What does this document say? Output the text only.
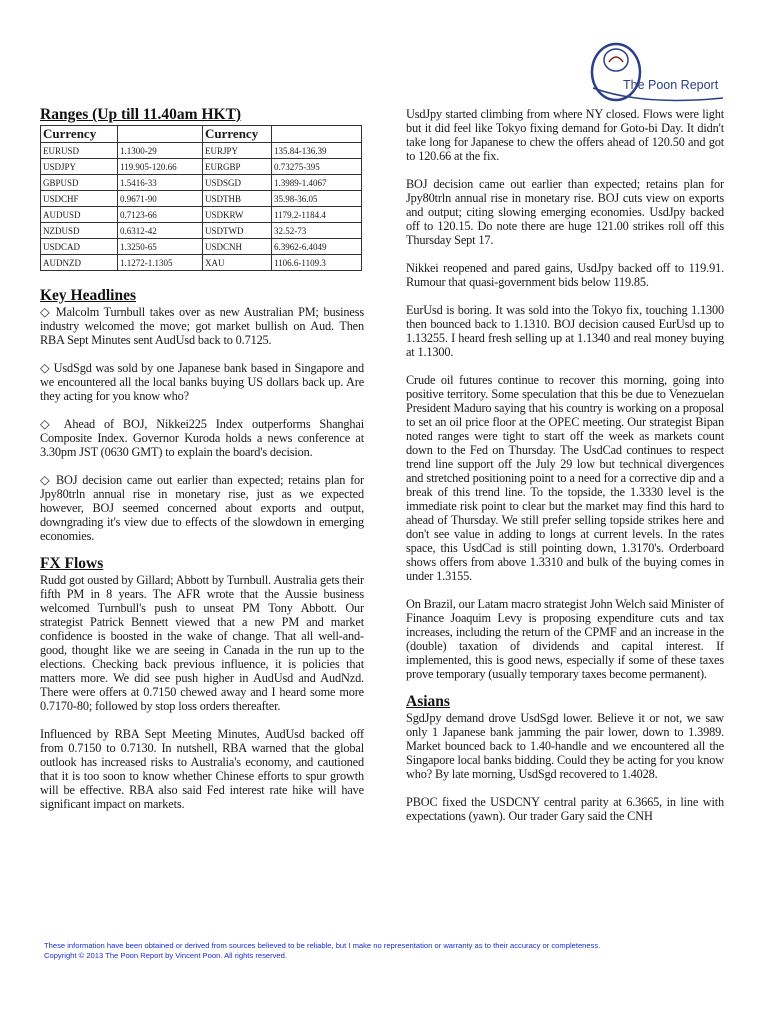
The Poon Report
Ranges (Up till 11.40am HKT)
Currency		Currency	
EURUSD	1.1300-29	EURJPY	135.84-136.39
USDJPY	119.905-120.66	EURGBP	0.73275-395
GBPUSD	1.5416-33	USDSGD	1.3989-1.4067
USDCHF	0.9671-90	USDTHB	35.98-36.05
AUDUSD	0.7123-66	USDKRW	1179.2-1184.4
NZDUSD	0.6312-42	USDTWD	32.52-73
USDCAD	1.3250-65	USDCNH	6.3962-6.4049
AUDNZD	1.1272-1.1305	XAU	1106.6-1109.3
Key Headlines

◇ Malcolm Turnbull takes over as new Australian PM; business industry welcomed the move; got market bullish on Aud. Then RBA Sept Minutes sent AudUsd back to 0.7125.

◇ UsdSgd was sold by one Japanese bank based in Singapore and we encountered all the local banks buying US dollars back up. Are they acting for you know who?

◇ Ahead of BOJ, Nikkei225 Index outperforms Shanghai Composite Index. Governor Kuroda holds a news conference at 3.30pm JST (0630 GMT) to explain the board's decision.

◇ BOJ decision came out earlier than expected; retains plan for Jpy80trln annual rise in monetary rise, just as we expected however, BOJ seemed concerned about exports and output, downgrading it's view due to effects of the slowdown in emerging economies.

FX Flows

Rudd got ousted by Gillard; Abbott by Turnbull. Australia gets their fifth PM in 8 years. The AFR wrote that the Aussie business welcomed Turnbull's push to unseat PM Tony Abbott. Our strategist Patrick Bennett viewed that a new PM and market confidence is boosted in the wake of change. That all well-and-good, thought like we are seeing in Canada in the run up to the elections. Checking back previous influence, it is policies that matters more. We did see push higher in AudUsd and AudNzd. There were offers at 0.7150 chewed away and I heard some more 0.7170-80; followed by stop loss orders thereafter.

Influenced by RBA Sept Meeting Minutes, AudUsd backed off from 0.7150 to 0.7130. In nutshell, RBA warned that the global outlook has increased risks to Australia's economy, and cautioned that it is too soon to know whether Chinese efforts to spur growth will be effective. RBA also said Fed interest rate hike will have significant impact on markets.

UsdJpy started climbing from where NY closed. Flows were light but it did feel like Tokyo fixing demand for Goto-bi Day. It didn't take long for Japanese to chew the offers ahead of 120.50 and got to 120.66 at the fix.

BOJ decision came out earlier than expected; retains plan for Jpy80trln annual rise in monetary rise. BOJ cuts view on exports and output; citing slowing emerging economies. UsdJpy backed off to 120.15. Do note there are huge 121.00 strikes roll off this Thursday Sept 17.

Nikkei reopened and pared gains, UsdJpy backed off to 119.91. Rumour that quasi-government bids below 119.85.

EurUsd is boring. It was sold into the Tokyo fix, touching 1.1300 then bounced back to 1.1310. BOJ decision caused EurUsd up to 1.13255. I heard fresh selling up at 1.1340 and real money buying at 1.1300.

Crude oil futures continue to recover this morning, going into positive territory. Some speculation that this be due to Venezuelan President Maduro saying that his country is working on a proposal to set an oil price floor at the OPEC meeting. Our strategist Bipan noted ranges were tight to start off the week as markets count down to the Fed on Thursday. The UsdCad continues to respect trend line support off the July 29 low but technical divergences and stretched positioning point to a need for a corrective dip and a break of this trend line. To the topside, the 1.3330 level is the immediate risk point to clear but the market may find this hard to ahead of Thursday. We still prefer selling topside strikes here and don't see value in adding to longs at current levels. In the rates space, this UsdCad is still pointing down, 1.3170's. Orderboard shows offers from above 1.3310 and bulk of the buying comes in under 1.3155.

On Brazil, our Latam macro strategist John Welch said Minister of Finance Joaquim Levy is proposing expenditure cuts and tax increases, including the return of the CPMF and an increase in the (double) taxation of dividends and capital interest. If implemented, this is good news, especially if some of these taxes prove temporary (usually temporary taxes become permanent).

Asians

SgdJpy demand drove UsdSgd lower. Believe it or not, we saw only 1 Japanese bank jamming the pair lower, down to 1.3989. Market bounced back to 1.40-handle and we encountered all the Singapore local banks bidding. Could they be acting for you know who? By late morning, UsdSgd recovered to 1.4028.

PBOC fixed the USDCNY central parity at 6.3665, in line with expectations (yawn). Our trader Gary said the CNH

These information have been obtained or derived from sources believed to be reliable, but I make no representation or warranty as to their accuracy or completeness.
Copyright © 2013 The Poon Report by Vincent Poon. All rights reserved.
